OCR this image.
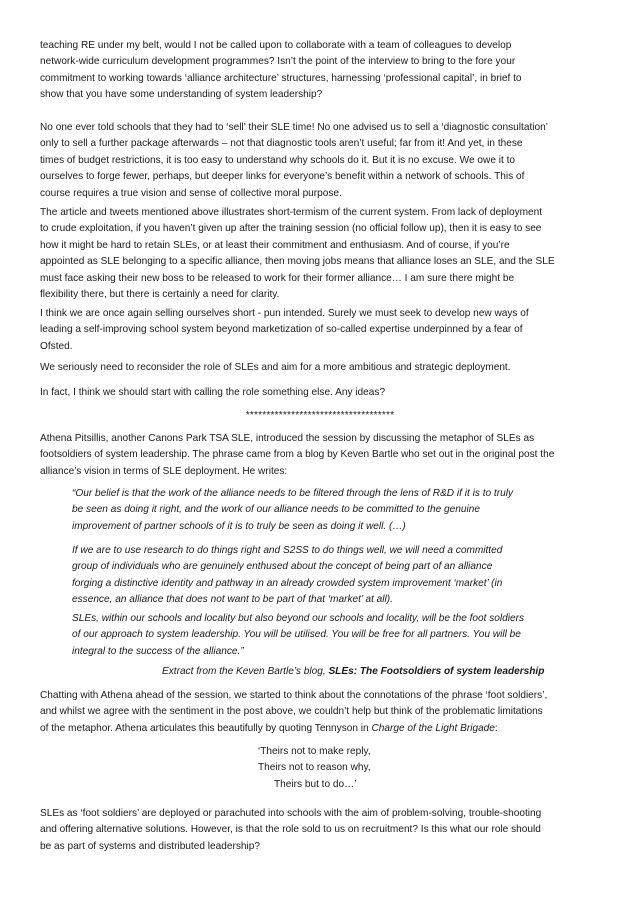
teaching RE under my belt, would I not be called upon to collaborate with a team of colleagues to develop

network-wide curriculum development programmes? Isn’t the point of the interview to bring to the fore your

commitment to working towards ‘alliance architecture’ structures, harnessing ‘professional capital’, in brief to

show that you have some understanding of system leadership?

No one ever told schools that they had to ‘sell’ their SLE time! No one advised us to sell a ‘diagnostic consultation’

only to sell a further package afterwards – not that diagnostic tools aren’t useful; far from it! And yet, in these

times of budget restrictions, it is too easy to understand why schools do it. But it is no excuse. We owe it to

ourselves to forge fewer, perhaps, but deeper links for everyone’s benefit within a network of schools. This of

course requires a true vision and sense of collective moral purpose.

The article and tweets mentioned above illustrates short-termism of the current system. From lack of deployment

to crude exploitation, if you haven’t given up after the training session (no official follow up), then it is easy to see

how it might be hard to retain SLEs, or at least their commitment and enthusiasm. And of course, if you’re

appointed as SLE belonging to a specific alliance, then moving jobs means that alliance loses an SLE, and the SLE

must face asking their new boss to be released to work for their former alliance… I am sure there might be

flexibility there, but there is certainly a need for clarity.

I think we are once again selling ourselves short - pun intended. Surely we must seek to develop new ways of

leading a self-improving school system beyond marketization of so-called expertise underpinned by a fear of

Ofsted.

We seriously need to reconsider the role of SLEs and aim for a more ambitious and strategic deployment.

In fact, I think we should start with calling the role something else. Any ideas?

************************************

Athena Pitsillis, another Canons Park TSA SLE, introduced the session by discussing the metaphor of SLEs as

footsoldiers of system leadership. The phrase came from a blog by Keven Bartle who set out in the original post the

alliance’s vision in terms of SLE deployment. He writes:

“Our belief is that the work of the alliance needs to be filtered through the lens of R&D if it is to truly

be seen as doing it right, and the work of our alliance needs to be committed to the genuine

improvement of partner schools of it is to truly be seen as doing it well. (…)

If we are to use research to do things right and S2SS to do things well, we will need a committed

group of individuals who are genuinely enthused about the concept of being part of an alliance

forging a distinctive identity and pathway in an already crowded system improvement ‘market’ (in

essence, an alliance that does not want to be part of that ‘market’ at all).

SLEs, within our schools and locality but also beyond our schools and locality, will be the foot soldiers

of our approach to system leadership. You will be utilised. You will be free for all partners. You will be

integral to the success of the alliance.”

Extract from the Keven Bartle’s blog, SLEs: The Footsoldiers of system leadership

Chatting with Athena ahead of the session, we started to think about the connotations of the phrase ‘foot soldiers’,

and whilst we agree with the sentiment in the post above, we couldn’t help but think of the problematic limitations

of the metaphor. Athena articulates this beautifully by quoting Tennyson in Charge of the Light Brigade:

‘Theirs not to make reply,

Theirs not to reason why,

Theirs but to do…’

SLEs as ‘foot soldiers’ are deployed or parachuted into schools with the aim of problem-solving, trouble-shooting

and offering alternative solutions. However, is that the role sold to us on recruitment? Is this what our role should

be as part of systems and distributed leadership?
